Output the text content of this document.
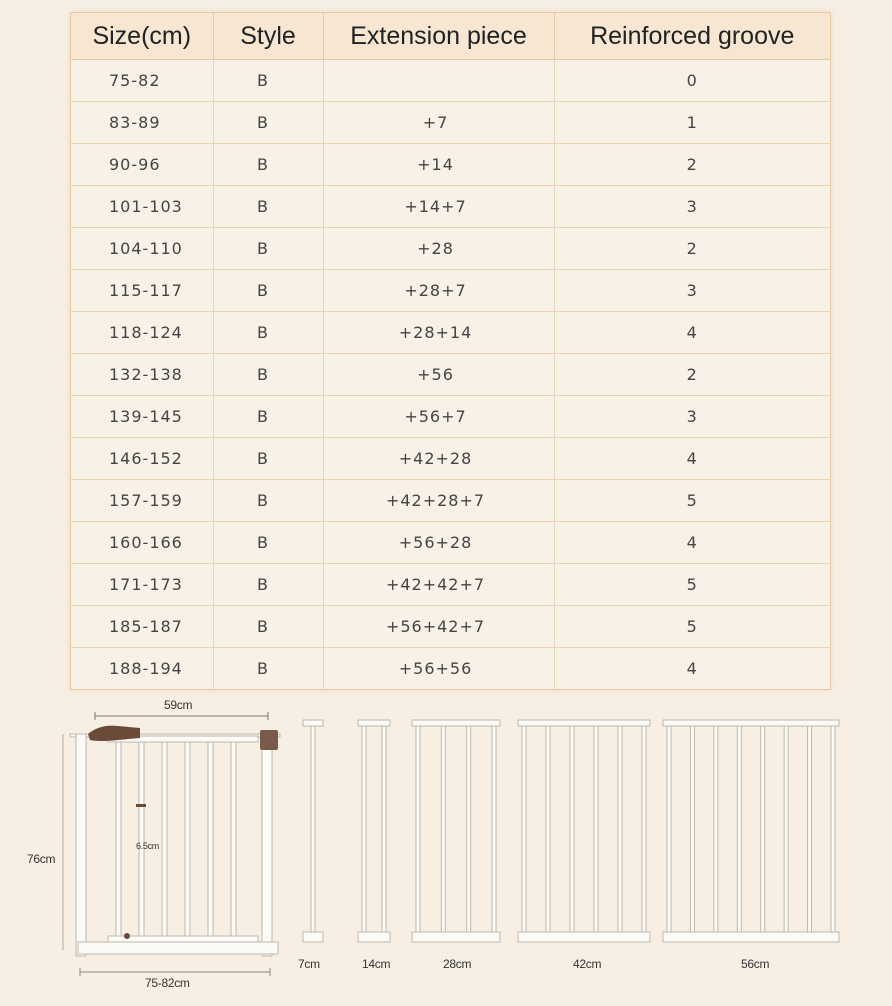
Size(cm)	Style	Extension piece	Reinforced groove
75-82	B		0
83-89	B	+7	1
90-96	B	+14	2
101-103	B	+14+7	3
104-110	B	+28	2
115-117	B	+28+7	3
118-124	B	+28+14	4
132-138	B	+56	2
139-145	B	+56+7	3
146-152	B	+42+28	4
157-159	B	+42+28+7	5
160-166	B	+56+28	4
171-173	B	+42+42+7	5
185-187	B	+56+42+7	5
188-194	B	+56+56	4
59cm
76cm
6.5cm
75-82cm
7cm	14cm	28cm	42cm	56cm
